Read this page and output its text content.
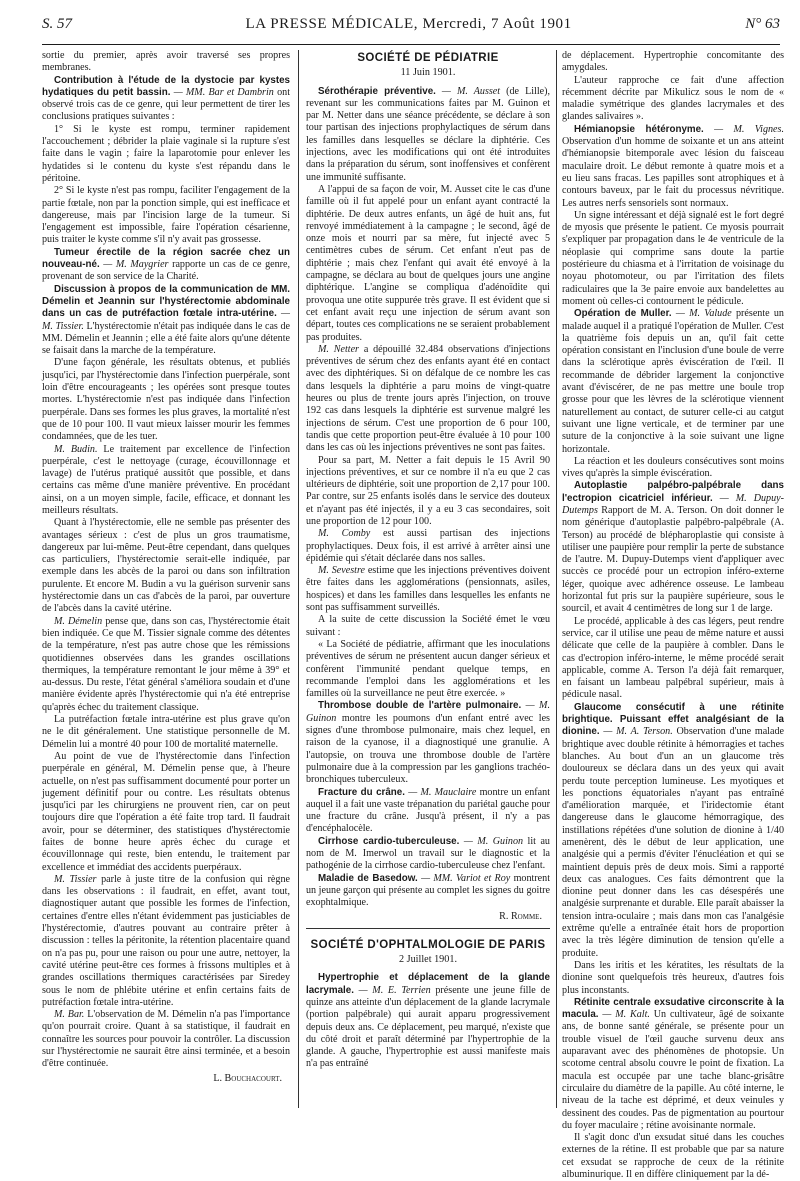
S. 57	LA PRESSE MÉDICALE, Mercredi, 7 Août 1901	N° 63

sortie du premier, après avoir traversé ses propres membranes.

Contribution à l'étude de la dystocie par kystes hydatiques du petit bassin. — MM. Bar et Dambrin ont observé trois cas de ce genre, qui leur permettent de tirer les conclusions pratiques suivantes :

1° Si le kyste est rompu, terminer rapidement l'accouchement ; débrider la plaie vaginale si la rupture s'est faite dans le vagin ; faire la laparotomie pour enlever les hydatides si le contenu du kyste s'est répandu dans le péritoine.

2° Si le kyste n'est pas rompu, faciliter l'engagement de la partie fœtale, non par la ponction simple, qui est inefficace et dangereuse, mais par l'incision large de la tumeur. Si l'engagement est impossible, faire l'opération césarienne, puis traiter le kyste comme s'il n'y avait pas grossesse.

Tumeur érectile de la région sacrée chez un nouveau-né. — M. Maygrier rapporte un cas de ce genre, provenant de son service de la Charité.

Discussion à propos de la communication de MM. Démelin et Jeannin sur l'hystérectomie abdominale dans un cas de putréfaction fœtale intra-utérine. — M. Tissier. L'hystérectomie n'était pas indiquée dans le cas de MM. Démelin et Jeannin ; elle a été faite alors qu'une détente se faisait dans la marche de la température.

D'une façon générale, les résultats obtenus, et publiés jusqu'ici, par l'hystérectomie dans l'infection puerpérale, sont loin d'être encourageants ; les opérées sont presque toutes mortes. L'hystérectomie n'est pas indiquée dans l'infection puerpérale. Dans ses formes les plus graves, la mortalité n'est que de 10 pour 100. Il vaut mieux laisser mourir les femmes condamnées, que de les tuer.

M. Budin. Le traitement par excellence de l'infection puerpérale, c'est le nettoyage (curage, écouvillonnage et lavage) de l'utérus pratiqué aussitôt que possible, et dans certains cas même d'une manière préventive. En procédant ainsi, on a un moyen simple, facile, efficace, et donnant les meilleurs résultats.

Quant à l'hystérectomie, elle ne semble pas présenter des avantages sérieux : c'est de plus un gros traumatisme, dangereux par lui-même. Peut-être cependant, dans quelques cas particuliers, l'hystérectomie serait-elle indiquée, par exemple dans les abcès de la paroi ou dans son infiltration purulente. Et encore M. Budin a vu la guérison survenir sans hystérectomie dans un cas d'abcès de la paroi, par ouverture de l'abcès dans la cavité utérine.

M. Démelin pense que, dans son cas, l'hystérectomie était bien indiquée. Ce que M. Tissier signale comme des détentes de la température, n'est pas autre chose que les rémissions quotidiennes observées dans les grandes oscillations thermiques, la température remontant le jour même à 39° et au-dessus. Du reste, l'état général s'améliora soudain et d'une manière évidente après l'hystérectomie qui n'a été entreprise qu'après échec du traitement classique.

La putréfaction fœtale intra-utérine est plus grave qu'on ne le dit généralement. Une statistique personnelle de M. Démelin lui a montré 40 pour 100 de mortalité maternelle.

Au point de vue de l'hystérectomie dans l'infection puerpérale en général, M. Démelin pense que, à l'heure actuelle, on n'est pas suffisamment documenté pour porter un jugement définitif pour ou contre. Les résultats obtenus jusqu'ici par les chirurgiens ne prouvent rien, car on peut toujours dire que l'opération a été faite trop tard. Il faudrait avoir, pour se déterminer, des statistiques d'hystérectomie faites de bonne heure après échec du curage et écouvillonnage qui reste, bien entendu, le traitement par excellence et immédiat des accidents puerpéraux.

M. Tissier parle à juste titre de la confusion qui règne dans les observations : il faudrait, en effet, avant tout, diagnostiquer autant que possible les formes de l'infection, certaines d'entre elles n'étant évidemment pas justiciables de l'hystérectomie, d'autres pouvant au contraire prêter à discussion : telles la péritonite, la rétention placentaire quand on n'a pas pu, pour une raison ou pour une autre, nettoyer, la cavité utérine peut-être ces formes à frissons multiples et à grandes oscillations thermiques caractérisées par Siredey sous le nom de phlébite utérine et enfin certains faits de putréfaction fœtale intra-utérine.

M. Bar. L'observation de M. Démelin n'a pas l'importance qu'on pourrait croire. Quant à sa statistique, il faudrait en connaître les sources pour pouvoir la contrôler. La discussion sur l'hystérectomie ne saurait être ainsi terminée, et a besoin d'être continuée.

L. Bouchacourt.

SOCIÉTÉ DE PÉDIATRIE

11 Juin 1901.

Sérothérapie préventive. — M. Ausset (de Lille), revenant sur les communications faites par M. Guinon et par M. Netter dans une séance précédente, se déclare à son tour partisan des injections prophylactiques de sérum dans les familles dans lesquelles se déclare la diphtérie. Ces injections, avec les modifications qui ont été introduites dans la préparation du sérum, sont inoffensives et confèrent une immunité suffisante.

A l'appui de sa façon de voir, M. Ausset cite le cas d'une famille où il fut appelé pour un enfant ayant contracté la diphtérie. De deux autres enfants, un âgé de huit ans, fut renvoyé immédiatement à la campagne ; le second, âgé de onze mois et nourri par sa mère, fut injecté avec 5 centimètres cubes de sérum. Cet enfant n'eut pas de diphtérie ; mais chez l'enfant qui avait été envoyé à la campagne, se déclara au bout de quelques jours une angine diphtérique. L'angine se compliqua d'adénoïdite qui provoqua une otite suppurée très grave. Il est évident que si cet enfant avait reçu une injection de sérum avant son départ, toutes ces complications ne se seraient probablement pas produites.

M. Netter a dépouillé 32.484 observations d'injections préventives de sérum chez des enfants ayant été en contact avec des diphtériques. Si on défalque de ce nombre les cas dans lesquels la diphtérie a paru moins de vingt-quatre heures ou plus de trente jours après l'injection, on trouve 192 cas dans lesquels la diphtérie est survenue malgré les injections de sérum. C'est une proportion de 6 pour 100, tandis que cette proportion peut-être évaluée à 10 pour 100 dans les cas où les injections préventives ne sont pas faites.

Pour sa part, M. Netter a fait depuis le 15 Avril 90 injections préventives, et sur ce nombre il n'a eu que 2 cas ultérieurs de diphtérie, soit une proportion de 2,17 pour 100. Par contre, sur 25 enfants isolés dans le service des douteux et n'ayant pas été injectés, il y a eu 3 cas secondaires, soit une proportion de 12 pour 100.

M. Comby est aussi partisan des injections prophylactiques. Deux fois, il est arrivé à arrêter ainsi une épidémie qui s'était déclarée dans nos salles.

M. Sevestre estime que les injections préventives doivent être faites dans les agglomérations (pensionnats, asiles, hospices) et dans les familles dans lesquelles les enfants ne sont pas suffisamment surveillés.

A la suite de cette discussion la Société émet le vœu suivant :

« La Société de pédiatrie, affirmant que les inoculations préventives de sérum ne présentent aucun danger sérieux et confèrent l'immunité pendant quelque temps, en recommande l'emploi dans les agglomérations et les familles où la surveillance ne peut être exercée. »

Thrombose double de l'artère pulmonaire. — M. Guinon montre les poumons d'un enfant entré avec les signes d'une thrombose pulmonaire, mais chez lequel, en raison de la cyanose, il a diagnostiqué une granulie. A l'autopsie, on trouva une thrombose double de l'artère pulmonaire due à la compression par les ganglions trachéo-bronchiques tuberculeux.

Fracture du crâne. — M. Mauclaire montre un enfant auquel il a fait une vaste trépanation du pariétal gauche pour une fracture du crâne. Jusqu'à présent, il n'y a pas d'encéphalocèle.

Cirrhose cardio-tuberculeuse. — M. Guinon lit au nom de M. Imerwol un travail sur le diagnostic et la pathogénie de la cirrhose cardio-tuberculeuse chez l'enfant.

Maladie de Basedow. — MM. Variot et Roy montrent un jeune garçon qui présente au complet les signes du goitre exophtalmique.

R. Romme.

SOCIÉTÉ D'OPHTALMOLOGIE DE PARIS

2 Juillet 1901.

Hypertrophie et déplacement de la glande lacrymale. — M. E. Terrien présente une jeune fille de quinze ans atteinte d'un déplacement de la glande lacrymale (portion palpébrale) qui aurait apparu progressivement depuis deux ans. Ce déplacement, peu marqué, n'existe que du côté droit et paraît déterminé par l'hypertrophie de la glande. A gauche, l'hypertrophie est aussi manifeste mais n'a pas entraîné

de déplacement. Hypertrophie concomitante des amygdales.

L'auteur rapproche ce fait d'une affection récemment décrite par Mikulicz sous le nom de « maladie symétrique des glandes lacrymales et des glandes salivaires ».

Hémianopsie hétéronyme. — M. Vignes. Observation d'un homme de soixante et un ans atteint d'hémianopsie bitemporale avec lésion du faisceau maculaire droit. Le début remonte à quatre mois et a eu lieu sans fracas. Les papilles sont atrophiques et à contours baveux, par le fait du processus névritique. Les autres nerfs sensoriels sont normaux.

Un signe intéressant et déjà signalé est le fort degré de myosis que présente le patient. Ce myosis pourrait s'expliquer par propagation dans le 4e ventricule de la néoplasie qui comprime sans doute la partie postérieure du chiasma et à l'irritation de voisinage du noyau photomoteur, ou par l'irritation des filets radiculaires que la 3e paire envoie aux bandelettes au moment où celles-ci contournent le pédicule.

Opération de Muller. — M. Valude présente un malade auquel il a pratiqué l'opération de Muller. C'est la quatrième fois depuis un an, qu'il fait cette opération consistant en l'inclusion d'une boule de verre dans la sclérotique après éviscération de l'œil. Il recommande de débrider largement la conjonctive avant d'éviscérer, de ne pas mettre une boule trop grosse pour que les lèvres de la sclérotique viennent naturellement au contact, de suturer celle-ci au catgut suivant une ligne verticale, et de terminer par une suture de la conjonctive à la soie suivant une ligne horizontale.

La réaction et les douleurs consécutives sont moins vives qu'après la simple éviscération.

Autoplastie palpébro-palpébrale dans l'ectropion cicatriciel inférieur. — M. Dupuy-Dutemps Rapport de M. A. Terson. On doit donner le nom générique d'autoplastie palpébro-palpébrale (A. Terson) au procédé de blépharoplastie qui consiste à utiliser une paupière pour remplir la perte de substance de l'autre. M. Dupuy-Dutemps vient d'appliquer avec succès ce procédé pour un ectropion inféro-externe léger, quoique avec adhérence osseuse. Le lambeau horizontal fut pris sur la paupière supérieure, sous le sourcil, et avait 4 centimètres de long sur 1 de large.

Le procédé, applicable à des cas légers, peut rendre service, car il utilise une peau de même nature et aussi délicate que celle de la paupière à combler. Dans le cas d'ectropion inféro-interne, le même procédé serait applicable, comme A. Terson l'a déjà fait remarquer, en faisant un lambeau palpébral supérieur, mais à pédicule nasal.

Glaucome consécutif à une rétinite brightique. Puissant effet analgésiant de la dionine. — M. A. Terson. Observation d'une malade brightique avec double rétinite à hémorragies et taches blanches. Au bout d'un an un glaucome très douloureux se déclara dans un des yeux qui avait perdu toute perception lumineuse. Les myotiques et les ponctions équatoriales n'ayant pas entraîné d'amélioration marquée, et l'iridectomie étant dangereuse dans le glaucome hémorragique, des instillations répétées d'une solution de dionine à 1/40 amenèrent, dès le début de leur application, une analgésie qui a permis d'éviter l'énucléation et qui se maintient depuis près de deux mois. Simi a rapporté deux cas analogues. Ces faits démontrent que la dionine peut donner dans les cas désespérés une analgésie surprenante et durable. Elle paraît abaisser la tension intra-oculaire ; mais dans mon cas l'analgésie extrême qu'elle a entraînée était hors de proportion avec la très légère diminution de tension qu'elle a produite.

Dans les iritis et les kératites, les résultats de la dionine sont quelquefois très heureux, d'autres fois plus inconstants.

Rétinite centrale exsudative circonscrite à la macula. — M. Kalt. Un cultivateur, âgé de soixante ans, de bonne santé générale, se présente pour un trouble visuel de l'œil gauche survenu deux ans auparavant avec des phénomènes de photopsie. Un scotome central absolu couvre le point de fixation. La macula est occupée par une tache blanc-grisâtre circulaire du diamètre de la papille. Au côté interne, le niveau de la tache est déprimé, et deux veinules y dessinent des coudes. Pas de pigmentation au pourtour du foyer maculaire ; rétine avoisinante normale.

Il s'agit donc d'un exsudat situé dans les couches externes de la rétine. Il est probable que par sa nature cet exsudat se rapproche de ceux de la rétinite albuminurique. Il en diffère cliniquement par la dé-
